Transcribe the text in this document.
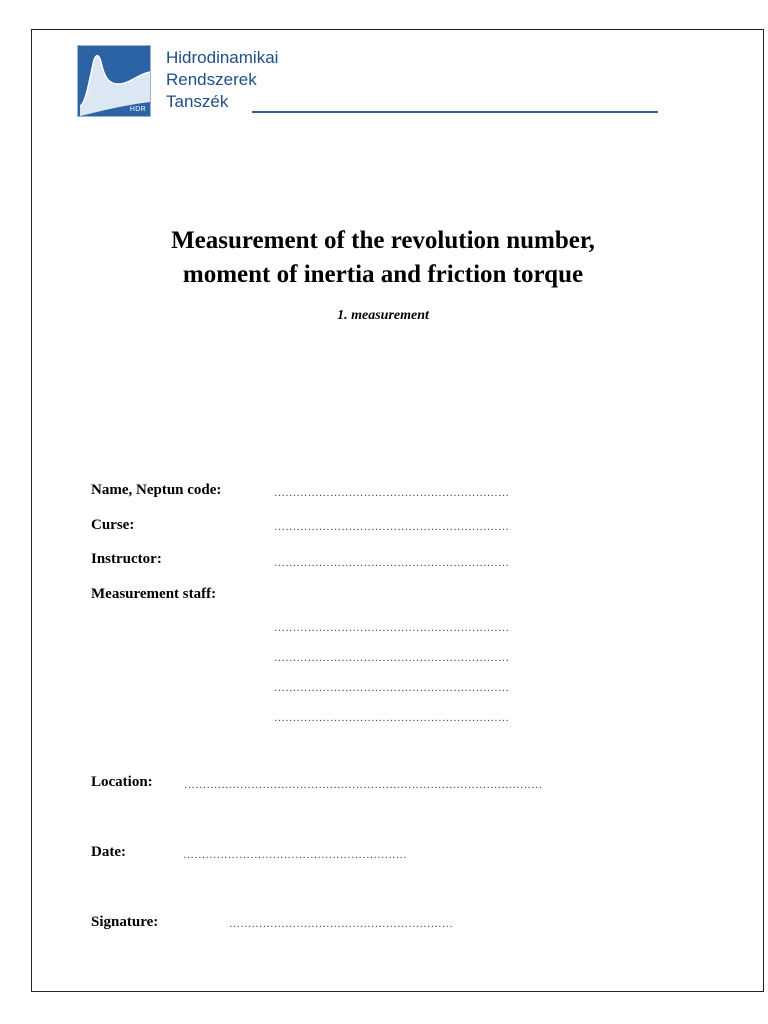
HDR
Hidrodinamikai
Rendszerek
Tanszék
Measurement of the revolution number,
moment of inertia and friction torque
1. measurement
Name, Neptun code:	………………………………………………………
Curse:	………………………………………………………
Instructor:	………………………………………………………
Measurement staff:
………………………………………………………
………………………………………………………
………………………………………………………
………………………………………………………
Location:	……………………………………………………………………………………
Date:	……………………………………………………
Signature:	……………………………………………………
